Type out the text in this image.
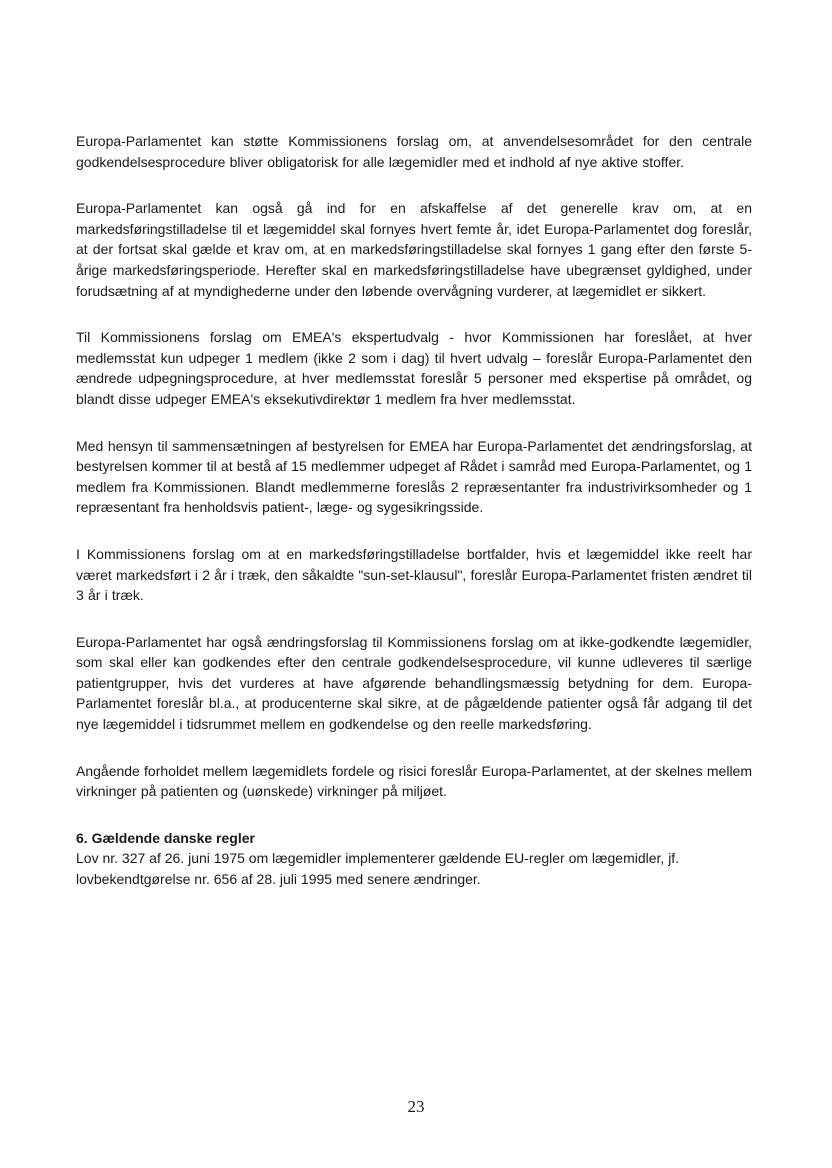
Europa-Parlamentet kan støtte Kommissionens forslag om, at anvendelsesområdet for den centrale godkendelsesprocedure bliver obligatorisk for alle lægemidler med et indhold af nye aktive stoffer.

Europa-Parlamentet kan også gå ind for en afskaffelse af det generelle krav om, at en markedsføringstilladelse til et lægemiddel skal fornyes hvert femte år, idet Europa-Parlamentet dog foreslår, at der fortsat skal gælde et krav om, at en markedsføringstilladelse skal fornyes 1 gang efter den første 5-årige markedsføringsperiode. Herefter skal en markedsføringstilladelse have ubegrænset gyldighed, under forudsætning af at myndighederne under den løbende overvågning vurderer, at lægemidlet er sikkert.

Til Kommissionens forslag om EMEA's ekspertudvalg - hvor Kommissionen har foreslået, at hver medlemsstat kun udpeger 1 medlem (ikke 2 som i dag) til hvert udvalg – foreslår Europa-Parlamentet den ændrede udpegningsprocedure, at hver medlemsstat foreslår 5 personer med ekspertise på området, og blandt disse udpeger EMEA's eksekutivdirektør 1 medlem fra hver medlemsstat.

Med hensyn til sammensætningen af bestyrelsen for EMEA har Europa-Parlamentet det ændringsforslag, at bestyrelsen kommer til at bestå af 15 medlemmer udpeget af Rådet i samråd med Europa-Parlamentet, og 1 medlem fra Kommissionen. Blandt medlemmerne foreslås 2 repræsentanter fra industrivirksomheder og 1 repræsentant fra henholdsvis patient-, læge- og sygesikringsside.

I Kommissionens forslag om at en markedsføringstilladelse bortfalder, hvis et lægemiddel ikke reelt har været markedsført i 2 år i træk, den såkaldte "sun-set-klausul", foreslår Europa-Parlamentet fristen ændret til 3 år i træk.

Europa-Parlamentet har også ændringsforslag til Kommissionens forslag om at ikke-godkendte lægemidler, som skal eller kan godkendes efter den centrale godkendelsesprocedure, vil kunne udleveres til særlige patientgrupper, hvis det vurderes at have afgørende behandlingsmæssig betydning for dem. Europa-Parlamentet foreslår bl.a., at producenterne skal sikre, at de pågældende patienter også får adgang til det nye lægemiddel i tidsrummet mellem en godkendelse og den reelle markedsføring.

Angående forholdet mellem lægemidlets fordele og risici foreslår Europa-Parlamentet, at der skelnes mellem virkninger på patienten og (uønskede) virkninger på miljøet.

6. Gældende danske regler

Lov nr. 327 af 26. juni 1975 om lægemidler implementerer gældende EU-regler om lægemidler, jf. lovbekendtgørelse nr. 656 af 28. juli 1995 med senere ændringer.

23
